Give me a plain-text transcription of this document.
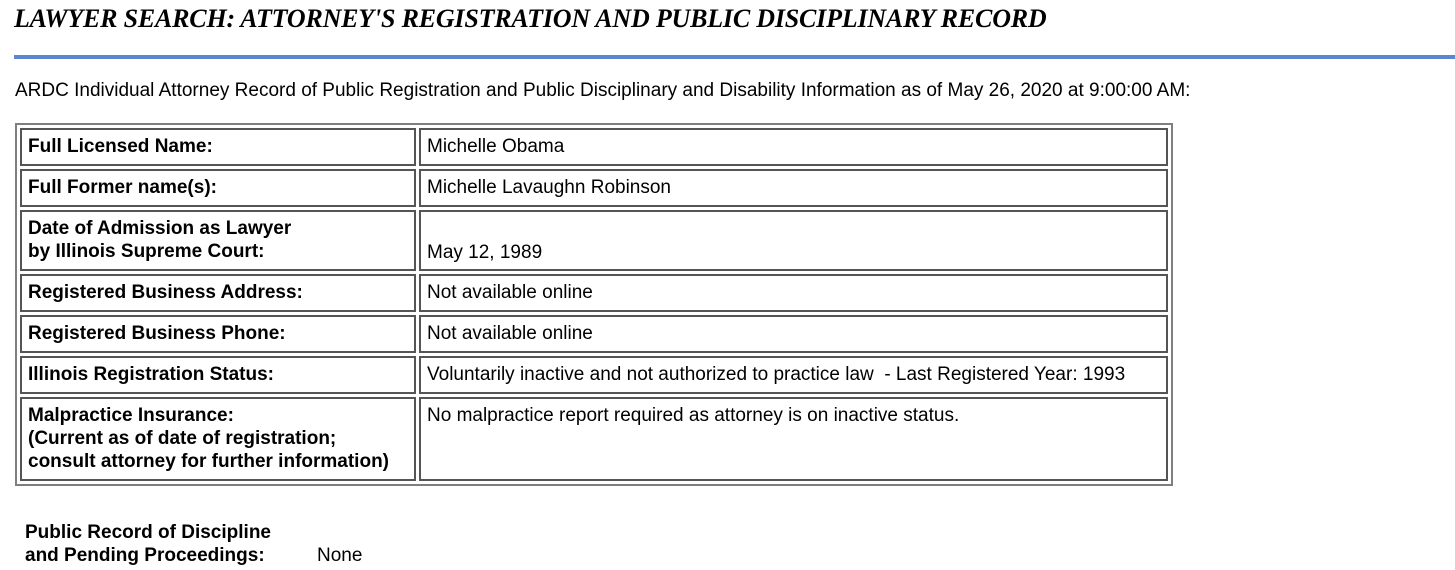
LAWYER SEARCH: ATTORNEY'S REGISTRATION AND PUBLIC DISCIPLINARY RECORD
ARDC Individual Attorney Record of Public Registration and Public Disciplinary and Disability Information as of May 26, 2020 at 9:00:00 AM:
Full Licensed Name:	Michelle Obama
Full Former name(s):	Michelle Lavaughn Robinson
Date of Admission as Lawyer
by Illinois Supreme Court:	May 12, 1989
Registered Business Address:	Not available online
Registered Business Phone:	Not available online
Illinois Registration Status:	Voluntarily inactive and not authorized to practice law  - Last Registered Year: 1993
Malpractice Insurance:
(Current as of date of registration;
consult attorney for further information)	No malpractice report required as attorney is on inactive status.
Public Record of Discipline
and Pending Proceedings:	None
